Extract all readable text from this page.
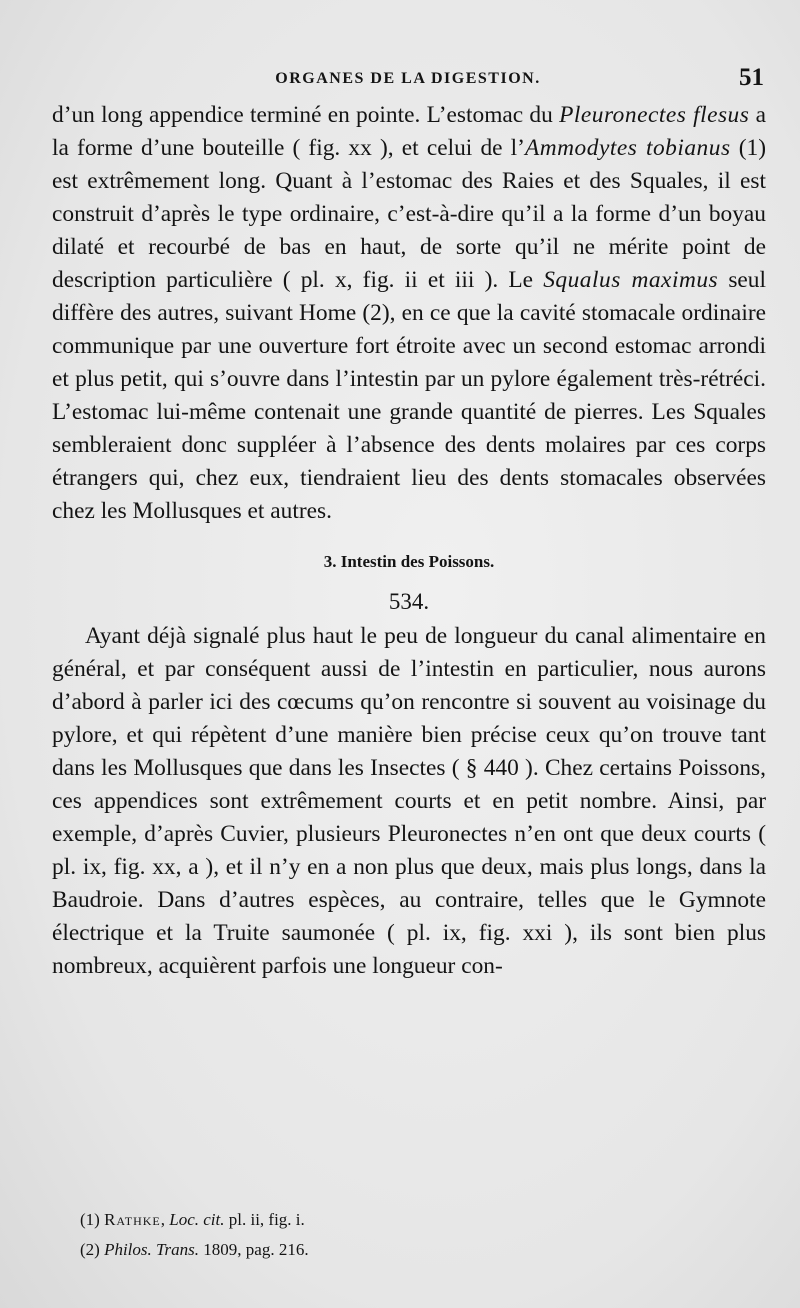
ORGANES DE LA DIGESTION.	51

d’un long appendice terminé en pointe. L’estomac du Pleuronectes flesus a la forme d’une bouteille ( fig. xx ), et celui de l’Ammodytes tobianus (1) est extrêmement long. Quant à l’estomac des Raies et des Squales, il est construit d’après le type ordinaire, c’est-à-dire qu’il a la forme d’un boyau dilaté et recourbé de bas en haut, de sorte qu’il ne mérite point de description particulière ( pl. x, fig. ii et iii ). Le Squalus maximus seul diffère des autres, suivant Home (2), en ce que la cavité stomacale ordinaire communique par une ouverture fort étroite avec un second estomac arrondi et plus petit, qui s’ouvre dans l’intestin par un pylore également très-rétréci. L’estomac lui-même contenait une grande quantité de pierres. Les Squales sembleraient donc suppléer à l’absence des dents molaires par ces corps étrangers qui, chez eux, tiendraient lieu des dents stomacales observées chez les Mollusques et autres.

3. Intestin des Poissons.
534.

Ayant déjà signalé plus haut le peu de longueur du canal alimentaire en général, et par conséquent aussi de l’intestin en particulier, nous aurons d’abord à parler ici des cœcums qu’on rencontre si souvent au voisinage du pylore, et qui répètent d’une manière bien précise ceux qu’on trouve tant dans les Mollusques que dans les Insectes ( § 440 ). Chez certains Poissons, ces appendices sont extrêmement courts et en petit nombre. Ainsi, par exemple, d’après Cuvier, plusieurs Pleuronectes n’en ont que deux courts ( pl. ix, fig. xx, a ), et il n’y en a non plus que deux, mais plus longs, dans la Baudroie. Dans d’autres espèces, au contraire, telles que le Gymnote électrique et la Truite saumonée ( pl. ix, fig. xxi ), ils sont bien plus nombreux, acquièrent parfois une longueur con-

(1) Rathke, Loc. cit. pl. ii, fig. i.

(2) Philos. Trans. 1809, pag. 216.
